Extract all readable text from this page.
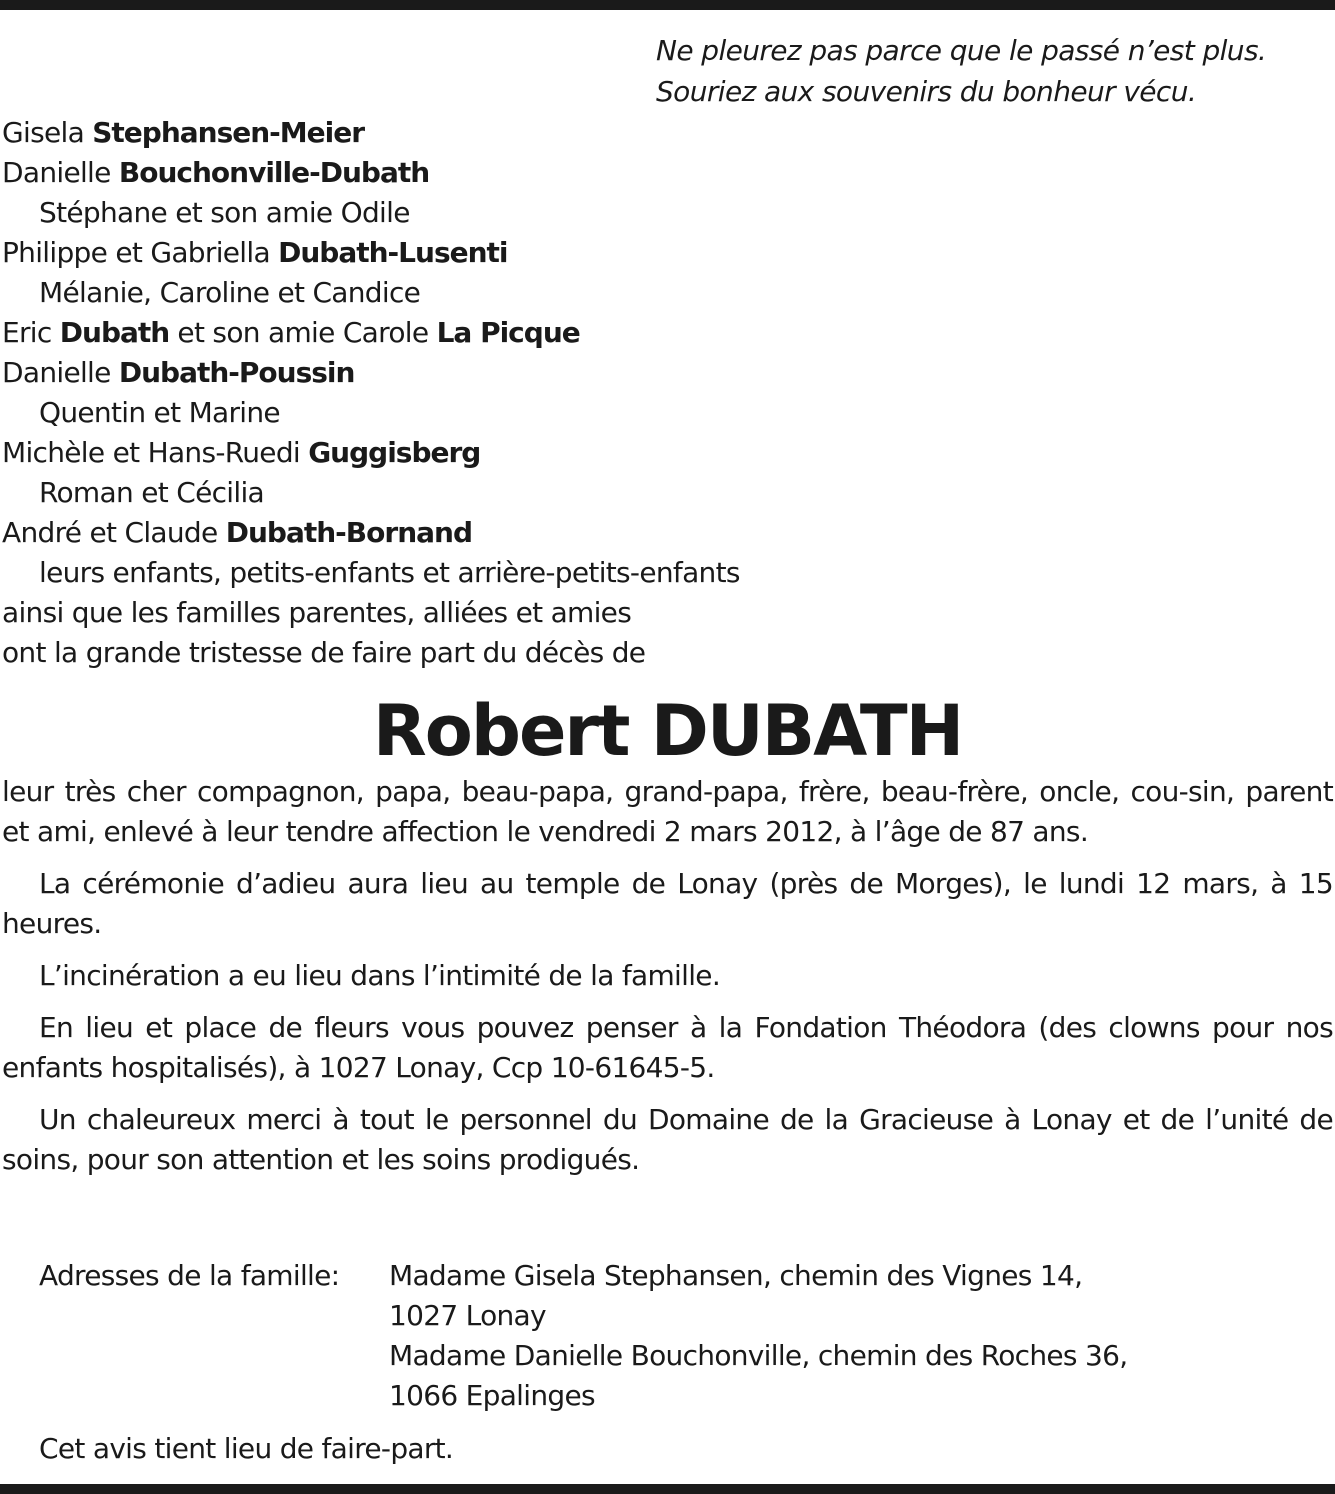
Ne pleurez pas parce que le passé n’est plus.
Souriez aux souvenirs du bonheur vécu.
Gisela Stephansen-Meier
Danielle Bouchonville-Dubath
Stéphane et son amie Odile
Philippe et Gabriella Dubath-Lusenti
Mélanie, Caroline et Candice
Eric Dubath et son amie Carole La Picque
Danielle Dubath-Poussin
Quentin et Marine
Michèle et Hans-Ruedi Guggisberg
Roman et Cécilia
André et Claude Dubath-Bornand
leurs enfants, petits-enfants et arrière-petits-enfants
ainsi que les familles parentes, alliées et amies
ont la grande tristesse de faire part du décès de
Robert DUBATH

leur très cher compagnon, papa, beau-papa, grand-papa, frère, beau-frère, oncle, cou-sin, parent et ami, enlevé à leur tendre affection le vendredi 2 mars 2012, à l’âge de 87 ans.

La cérémonie d’adieu aura lieu au temple de Lonay (près de Morges), le lundi 12 mars, à 15 heures.

L’incinération a eu lieu dans l’intimité de la famille.

En lieu et place de fleurs vous pouvez penser à la Fondation Théodora (des clowns pour nos enfants hospitalisés), à 1027 Lonay, Ccp 10-61645-5.

Un chaleureux merci à tout le personnel du Domaine de la Gracieuse à Lonay et de l’unité de soins, pour son attention et les soins prodigués.

Adresses de la famille: Madame Gisela Stephansen, chemin des Vignes 14,
1027 Lonay
Madame Danielle Bouchonville, chemin des Roches 36,
1066 Epalinges
Cet avis tient lieu de faire-part.
